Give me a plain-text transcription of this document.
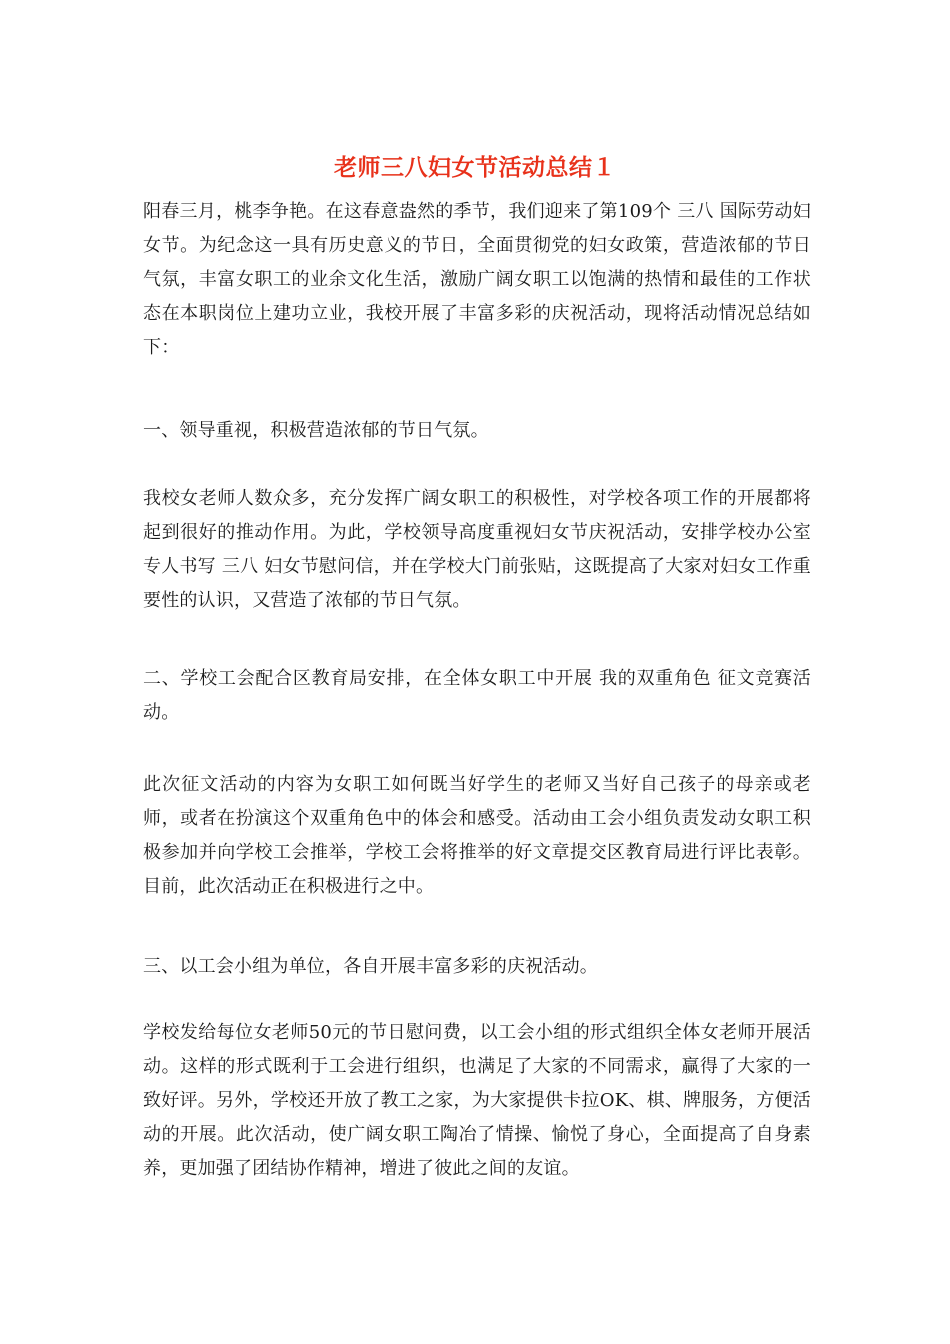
老师三八妇女节活动总结１

阳春三月，桃李争艳。在这春意盎然的季节，我们迎来了第109个 三八 国际劳动妇女节。为纪念这一具有历史意义的节日，全面贯彻党的妇女政策，营造浓郁的节日气氛，丰富女职工的业余文化生活，激励广阔女职工以饱满的热情和最佳的工作状态在本职岗位上建功立业，我校开展了丰富多彩的庆祝活动，现将活动情况总结如下：

一、领导重视，积极营造浓郁的节日气氛。

我校女老师人数众多，充分发挥广阔女职工的积极性，对学校各项工作的开展都将起到很好的推动作用。为此，学校领导高度重视妇女节庆祝活动，安排学校办公室专人书写 三八 妇女节慰问信，并在学校大门前张贴，这既提高了大家对妇女工作重要性的认识，又营造了浓郁的节日气氛。

二、学校工会配合区教育局安排，在全体女职工中开展 我的双重角色 征文竞赛活动。

此次征文活动的内容为女职工如何既当好学生的老师又当好自己孩子的母亲或老师，或者在扮演这个双重角色中的体会和感受。活动由工会小组负责发动女职工积极参加并向学校工会推举，学校工会将推举的好文章提交区教育局进行评比表彰。目前，此次活动正在积极进行之中。

三、以工会小组为单位，各自开展丰富多彩的庆祝活动。

学校发给每位女老师50元的节日慰问费，以工会小组的形式组织全体女老师开展活动。这样的形式既利于工会进行组织，也满足了大家的不同需求，赢得了大家的一致好评。另外，学校还开放了教工之家，为大家提供卡拉OK、棋、牌服务，方便活动的开展。此次活动，使广阔女职工陶冶了情操、愉悦了身心，全面提高了自身素养，更加强了团结协作精神，增进了彼此之间的友谊。
